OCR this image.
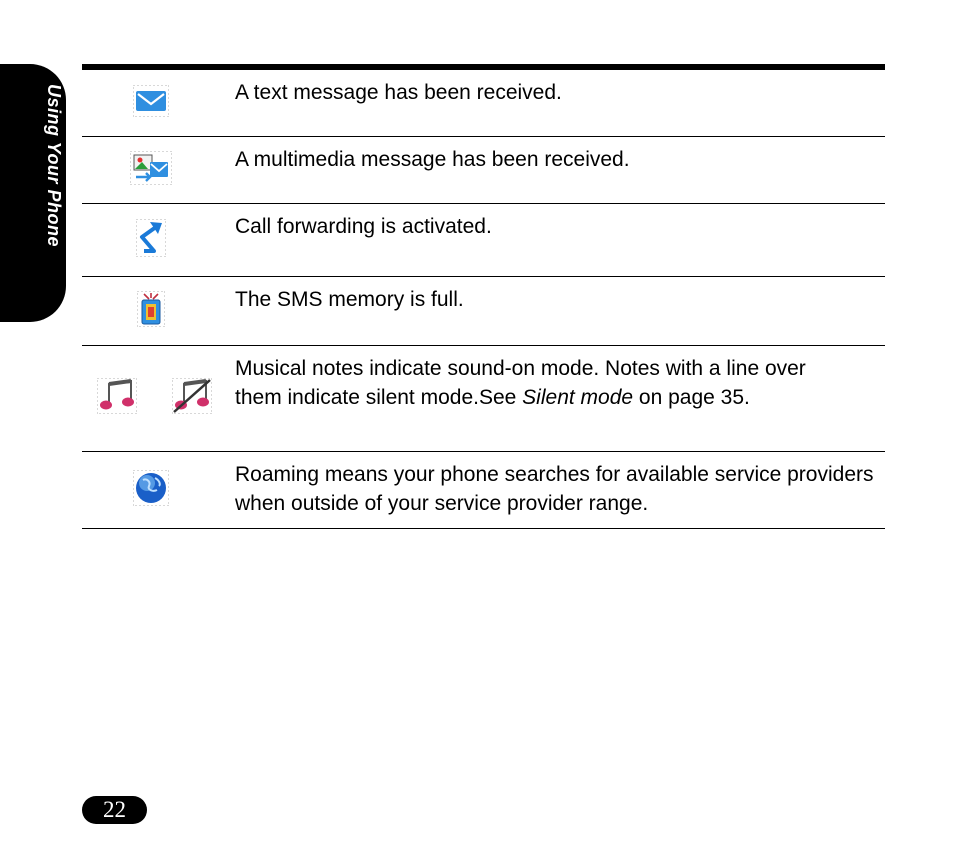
Using Your Phone	A text message has been received.
A multimedia message has been received.
Call forwarding is activated.
The SMS memory is full.
Musical notes indicate sound-on mode. Notes with a line over them indicate silent mode.See Silent mode on page 35.
Roaming means your phone searches for available service providers when outside of your service provider range.
22
